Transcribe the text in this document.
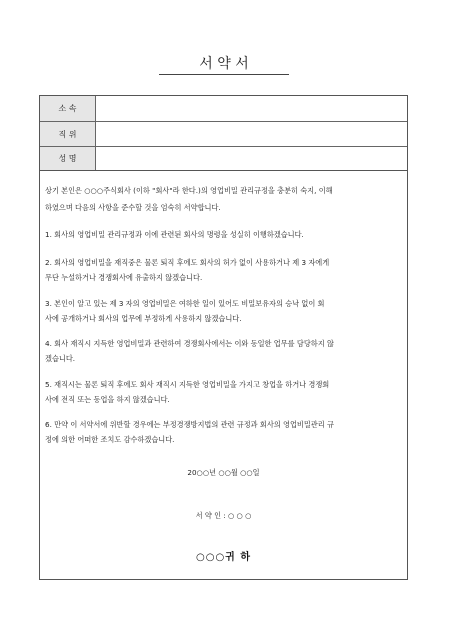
서 약 서
소 속
직 위
성 명
상기 본인은 ○○○주식회사 (이하 "회사"라 한다.)의 영업비밀 관리규정을 충분히 숙지, 이해
하였으며 다음의 사항을 준수할 것을 엄숙히 서약합니다.
1. 회사의 영업비밀 관리규정과 이에 관련된 회사의 명령을 성실히 이행하겠습니다.
2. 회사의 영업비밀을 재직중은 물론 퇴직 후에도 회사의 허가 없이 사용하거나 제 3 자에게
무단 누설하거나 경쟁회사에 유출하지 않겠습니다.
3. 본인이 알고 있는 제 3 자의 영업비밀은 여하한 일이 있어도 비밀보유자의 승낙 없이 회
사에 공개하거나 회사의 업무에 부정하게 사용하지 않겠습니다.
4. 회사 재직시 지득한 영업비밀과 관련하여 경쟁회사에서는 이와 동일한 업무를 담당하지 않
겠습니다.
5. 재직시는 물론 퇴직 후에도 회사 재직시 지득한 영업비밀을 가지고 창업을 하거나 경쟁회
사에 전직 또는 동업을 하지 않겠습니다.
6. 만약 이 서약서에 위반할 경우에는 부정경쟁방지법의 관련 규정과 회사의 영업비밀관리 규
정에 의한 어떠한 조치도 감수하겠습니다.
20○○년 ○○월 ○○일
서 약 인 : ○ ○ ○
○○○귀 하
